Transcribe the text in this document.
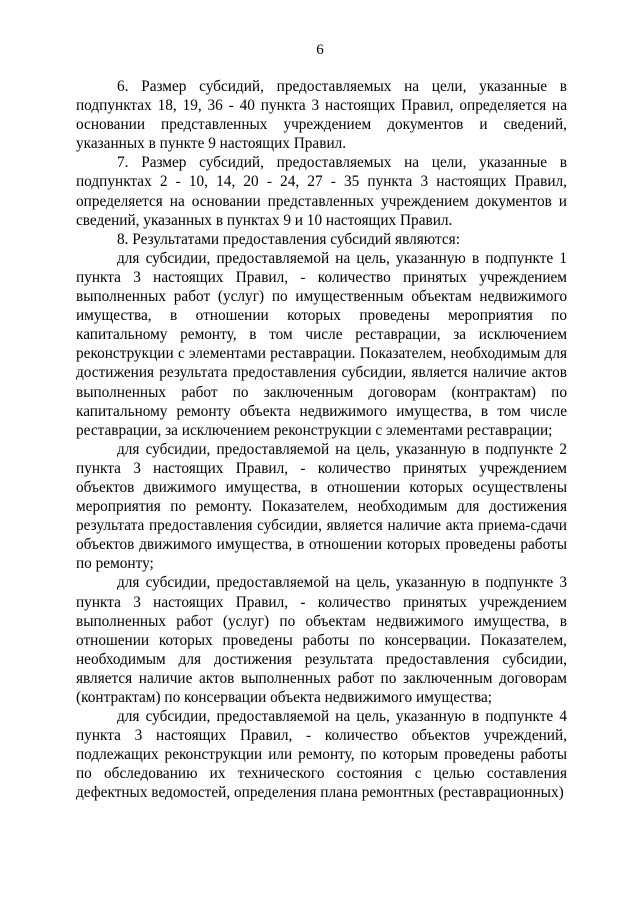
6

6. Размер субсидий, предоставляемых на цели, указанные в подпунктах 18, 19, 36 - 40 пункта 3 настоящих Правил, определяется на основании представленных учреждением документов и сведений, указанных в пункте 9 настоящих Правил.

7. Размер субсидий, предоставляемых на цели, указанные в подпунктах 2 - 10, 14, 20 - 24, 27 - 35 пункта 3 настоящих Правил, определяется на основании представленных учреждением документов и сведений, указанных в пунктах 9 и 10 настоящих Правил.

8. Результатами предоставления субсидий являются:

для субсидии, предоставляемой на цель, указанную в подпункте 1 пункта 3 настоящих Правил, - количество принятых учреждением выполненных работ (услуг) по имущественным объектам недвижимого имущества, в отношении которых проведены мероприятия по капитальному ремонту, в том числе реставрации, за исключением реконструкции с элементами реставрации. Показателем, необходимым для достижения результата предоставления субсидии, является наличие актов выполненных работ по заключенным договорам (контрактам) по капитальному ремонту объекта недвижимого имущества, в том числе реставрации, за исключением реконструкции с элементами реставрации;

для субсидии, предоставляемой на цель, указанную в подпункте 2 пункта 3 настоящих Правил, - количество принятых учреждением объектов движимого имущества, в отношении которых осуществлены мероприятия по ремонту. Показателем, необходимым для достижения результата предоставления субсидии, является наличие акта приема-сдачи объектов движимого имущества, в отношении которых проведены работы по ремонту;

для субсидии, предоставляемой на цель, указанную в подпункте 3 пункта 3 настоящих Правил, - количество принятых учреждением выполненных работ (услуг) по объектам недвижимого имущества, в отношении которых проведены работы по консервации. Показателем, необходимым для достижения результата предоставления субсидии, является наличие актов выполненных работ по заключенным договорам (контрактам) по консервации объекта недвижимого имущества;

для субсидии, предоставляемой на цель, указанную в подпункте 4 пункта 3 настоящих Правил, - количество объектов учреждений, подлежащих реконструкции или ремонту, по которым проведены работы по обследованию их технического состояния с целью составления дефектных ведомостей, определения плана ремонтных (реставрационных)
